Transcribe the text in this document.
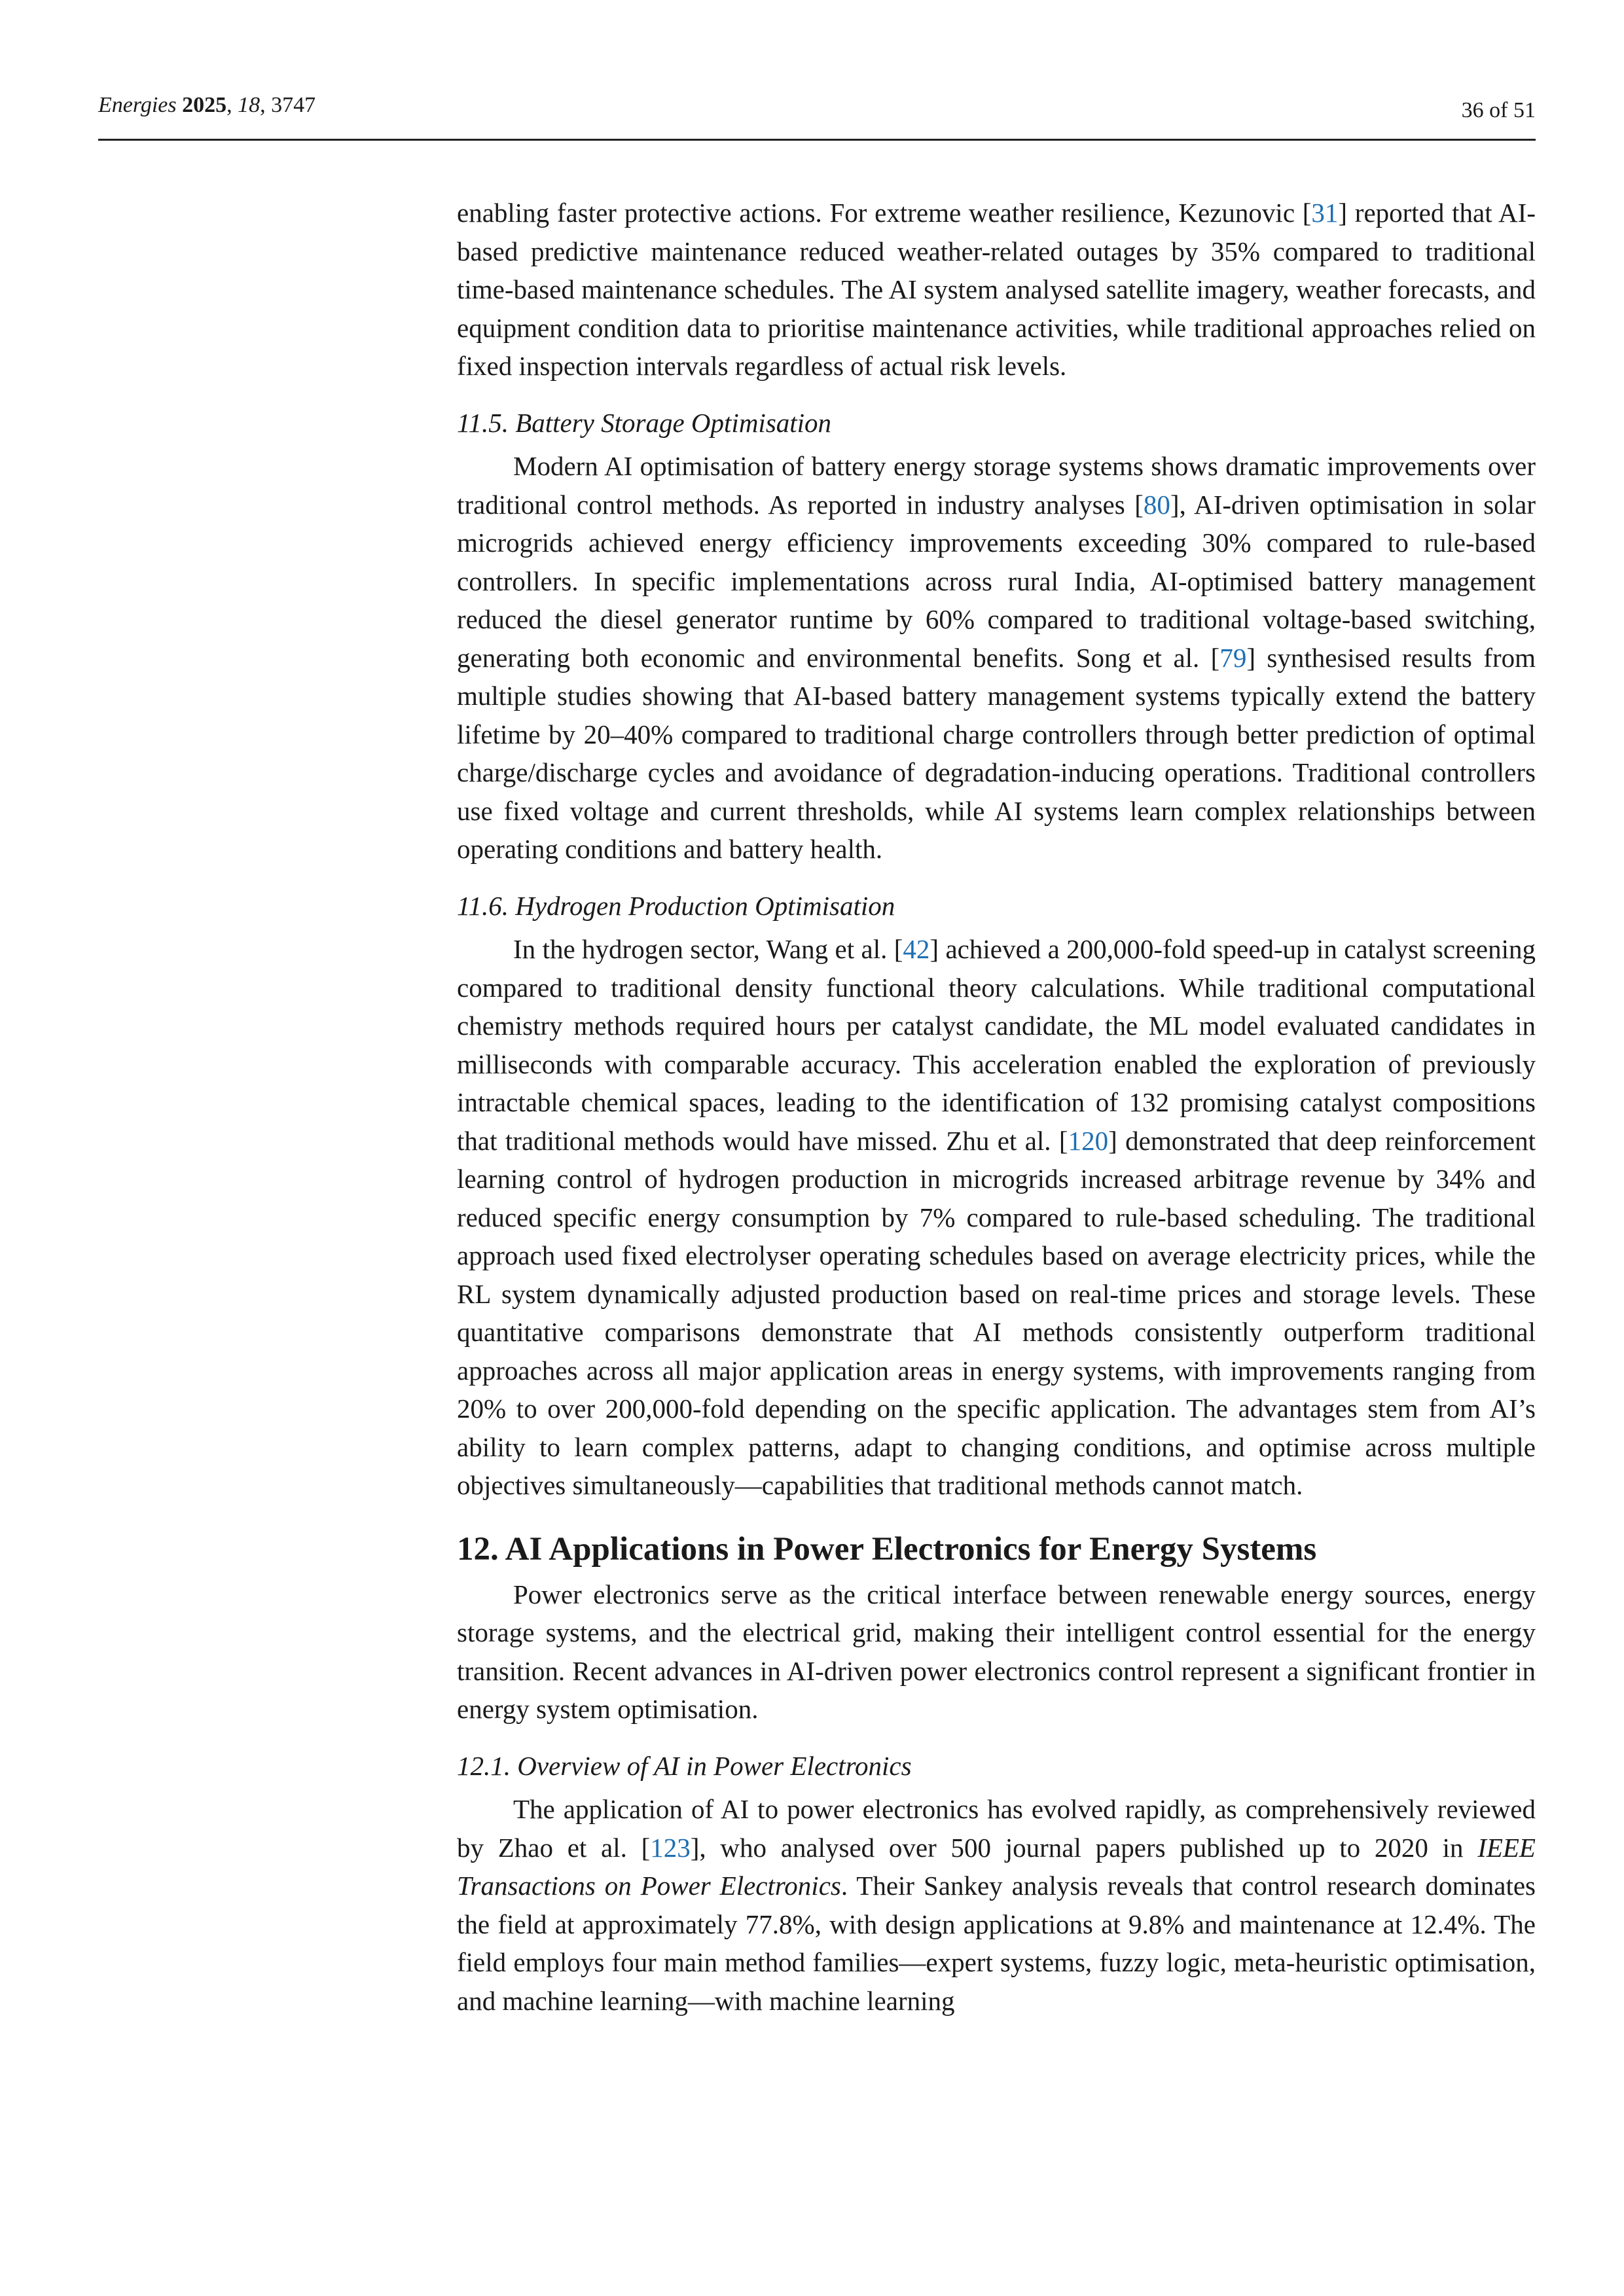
Energies 2025, 18, 3747	36 of 51

enabling faster protective actions. For extreme weather resilience, Kezunovic [31] reported that AI-based predictive maintenance reduced weather-related outages by 35% compared to traditional time-based maintenance schedules. The AI system analysed satellite imagery, weather forecasts, and equipment condition data to prioritise maintenance activities, while traditional approaches relied on fixed inspection intervals regardless of actual risk levels.

11.5. Battery Storage Optimisation

Modern AI optimisation of battery energy storage systems shows dramatic improvements over traditional control methods. As reported in industry analyses [80], AI-driven optimisation in solar microgrids achieved energy efficiency improvements exceeding 30% compared to rule-based controllers. In specific implementations across rural India, AI-optimised battery management reduced the diesel generator runtime by 60% compared to traditional voltage-based switching, generating both economic and environmental benefits. Song et al. [79] synthesised results from multiple studies showing that AI-based battery management systems typically extend the battery lifetime by 20–40% compared to traditional charge controllers through better prediction of optimal charge/discharge cycles and avoidance of degradation-inducing operations. Traditional controllers use fixed voltage and current thresholds, while AI systems learn complex relationships between operating conditions and battery health.

11.6. Hydrogen Production Optimisation

In the hydrogen sector, Wang et al. [42] achieved a 200,000-fold speed-up in catalyst screening compared to traditional density functional theory calculations. While traditional computational chemistry methods required hours per catalyst candidate, the ML model evaluated candidates in milliseconds with comparable accuracy. This acceleration enabled the exploration of previously intractable chemical spaces, leading to the identification of 132 promising catalyst compositions that traditional methods would have missed. Zhu et al. [120] demonstrated that deep reinforcement learning control of hydrogen production in microgrids increased arbitrage revenue by 34% and reduced specific energy consumption by 7% compared to rule-based scheduling. The traditional approach used fixed electrolyser operating schedules based on average electricity prices, while the RL system dynamically adjusted production based on real-time prices and storage levels. These quantitative comparisons demonstrate that AI methods consistently outperform traditional approaches across all major application areas in energy systems, with improvements ranging from 20% to over 200,000-fold depending on the specific application. The advantages stem from AI’s ability to learn complex patterns, adapt to changing conditions, and optimise across multiple objectives simultaneously—capabilities that traditional methods cannot match.

12. AI Applications in Power Electronics for Energy Systems

Power electronics serve as the critical interface between renewable energy sources, energy storage systems, and the electrical grid, making their intelligent control essential for the energy transition. Recent advances in AI-driven power electronics control represent a significant frontier in energy system optimisation.

12.1. Overview of AI in Power Electronics

The application of AI to power electronics has evolved rapidly, as comprehensively reviewed by Zhao et al. [123], who analysed over 500 journal papers published up to 2020 in IEEE Transactions on Power Electronics. Their Sankey analysis reveals that control research dominates the field at approximately 77.8%, with design applications at 9.8% and maintenance at 12.4%. The field employs four main method families—expert systems, fuzzy logic, meta-heuristic optimisation, and machine learning—with machine learning
